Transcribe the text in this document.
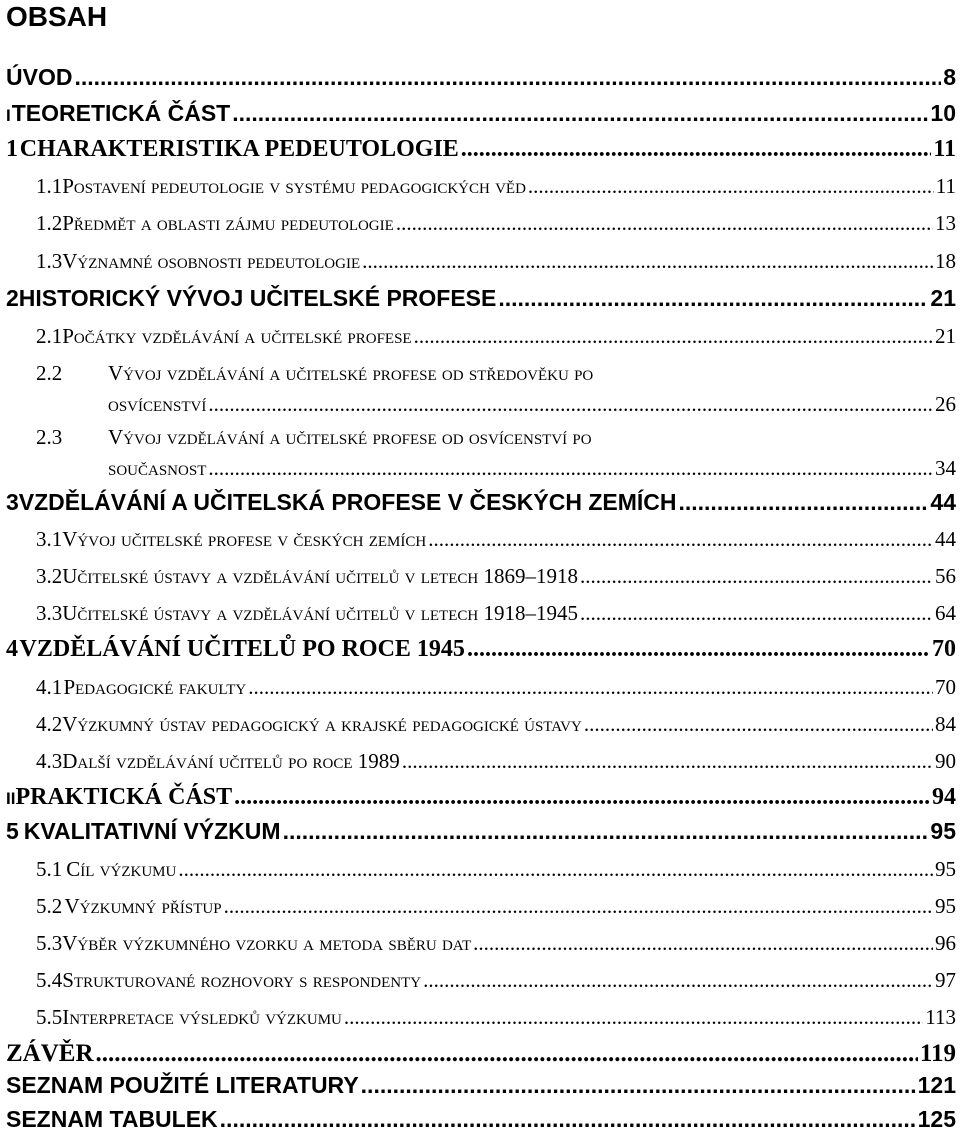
OBSAH
ÚVOD .....	8
I TEORETICKÁ ČÁST .....	10
1 CHARAKTERISTIKA PEDEUTOLOGIE .....	11
1.1 Postavení pedeutologie v systému pedagogických věd .....	11
1.2 Předmět a oblasti zájmu pedeutologie .....	13
1.3 Významné osobnosti pedeutologie .....	18
2 HISTORICKÝ VÝVOJ UČITELSKÉ PROFESE .....	21
2.1 Počátky vzdělávání a učitelské profese .....	21
2.2	Vývoj vzdělávání a učitelské profese od středověku po
osvícenství .....	26
2.3	Vývoj vzdělávání a učitelské profese od osvícenství po
současnost .....	34
3 VZDĚLÁVÁNÍ A UČITELSKÁ PROFESE V ČESKÝCH ZEMÍCH .....	44
3.1 Vývoj učitelské profese v českých zemích .....	44
3.2 Učitelské ústavy a vzdělávání učitelů v letech 1869–1918 .....	56
3.3 Učitelské ústavy a vzdělávání učitelů v letech 1918–1945 .....	64
4 VZDĚLÁVÁNÍ UČITELŮ PO ROCE 1945 .....	70
4.1 Pedagogické fakulty .....	70
4.2 Výzkumný ústav pedagogický a krajské pedagogické ústavy .....	84
4.3 Další vzdělávání učitelů po roce 1989 .....	90
II PRAKTICKÁ ČÁST .....	94
5 KVALITATIVNÍ VÝZKUM .....	95
5.1 Cíl výzkumu .....	95
5.2 Výzkumný přístup .....	95
5.3 Výběr výzkumného vzorku a metoda sběru dat .....	96
5.4 Strukturované rozhovory s respondenty .....	97
5.5 Interpretace výsledků výzkumu .....	113
ZÁVĚR .....	119
SEZNAM POUŽITÉ LITERATURY .....	121
SEZNAM TABULEK .....	125
